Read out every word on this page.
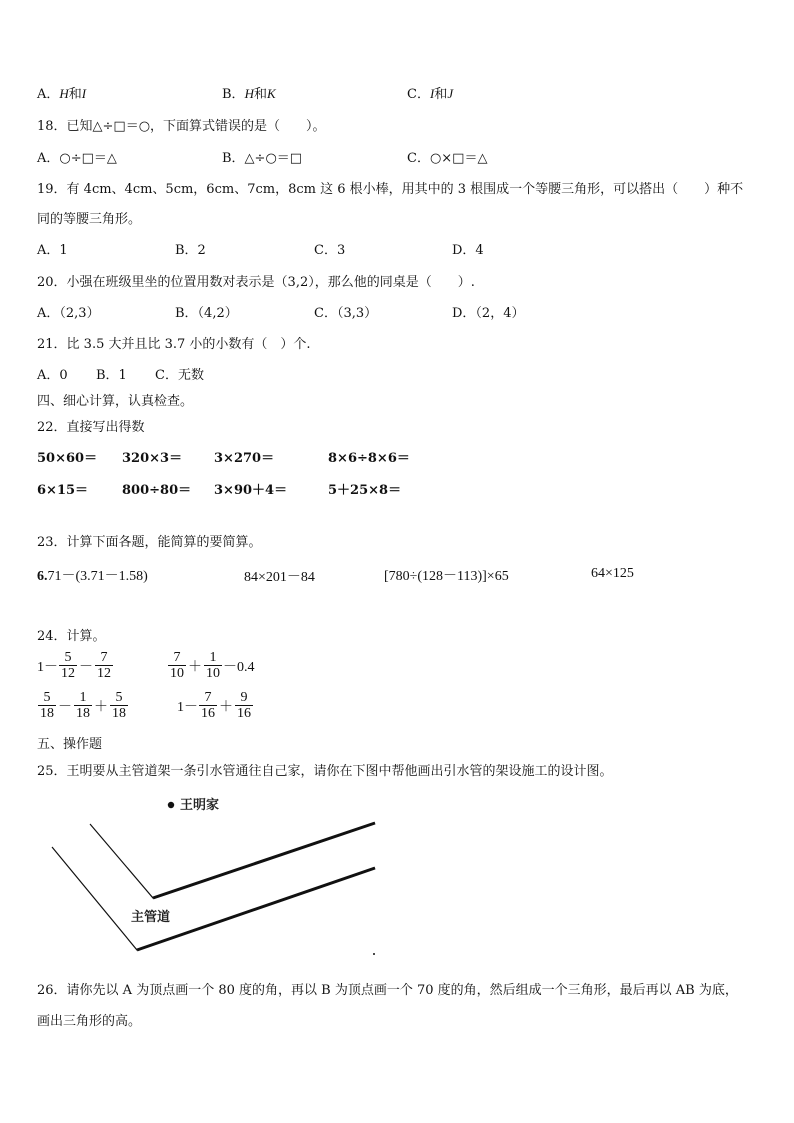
A．H和I	B．H和K	C．I和J
18．已知△÷□＝○，下面算式错误的是（　　）。
A．○÷□＝△	B．△÷○＝□	C．○×□＝△
19．有 4cm、4cm、5cm，6cm、7cm，8cm 这 6 根小棒，用其中的 3 根围成一个等腰三角形，可以搭出（　　）种不
同的等腰三角形。
A．1	B．2	C．3	D．4
20．小强在班级里坐的位置用数对表示是（3,2），那么他的同桌是（　　）.
A．（2,3）	B．（4,2）	C．（3,3）	D．（2，4）
21．比 3.5 大并且比 3.7 小的小数有（　）个.
A．0 B．1 C．无数
四、细心计算，认真检查。
22．直接写出得数
50×60＝ 320×3＝ 3×270＝	8×6÷8×6＝
6×15＝	800÷80＝ 3×90＋4＝	5＋25×8＝
23．计算下面各题，能简算的要简算。
6.71－(3.71－1.58)	84×201－84	[780÷(128－113)]×65	64×125
24．计算。
$1- \frac{5}{12} - \frac{7}{12}$	$\frac{7}{10} + \frac{1}{10} -0.4$
$\frac{5}{18} - \frac{1}{18} + \frac{5}{18}$	$1- \frac{7}{16} + \frac{9}{16}$
五、操作题
25．王明要从主管道架一条引水管通往自己家，请你在下图中帮他画出引水管的架设施工的设计图。
王明家
主管道
26．请你先以 A 为顶点画一个 80 度的角，再以 B 为顶点画一个 70 度的角，然后组成一个三角形，最后再以 AB 为底，
画出三角形的高。
